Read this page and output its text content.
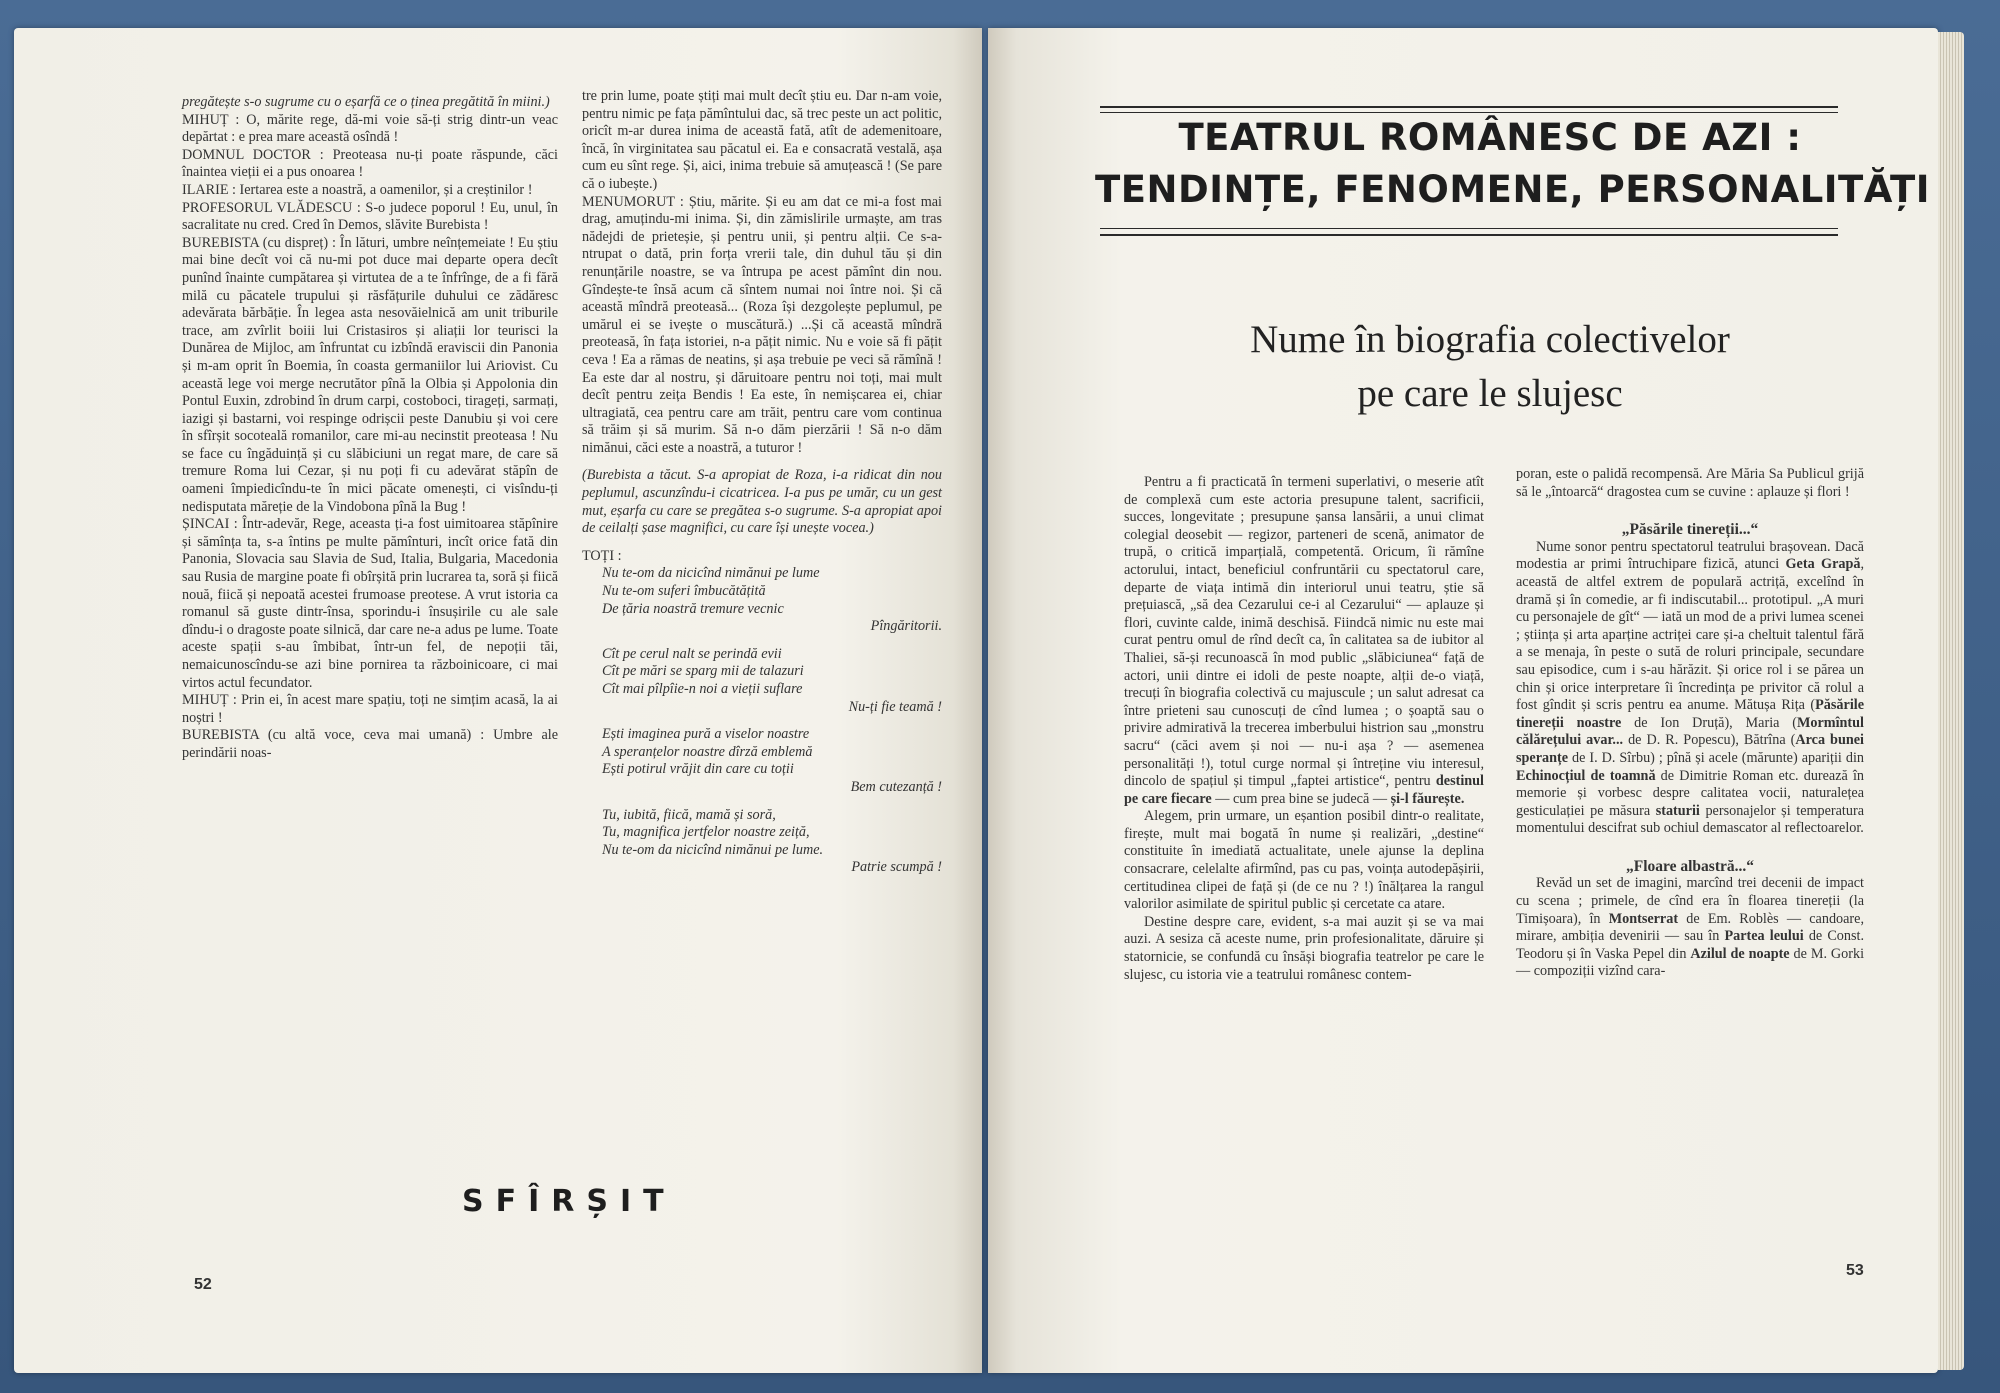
pregătește s-o sugrume cu o eșarfă ce o ținea pregătită în miini.)

MIHUȚ : O, mărite rege, dă-mi voie să-ți strig dintr-un veac depărtat : e prea mare această osîndă !

DOMNUL DOCTOR : Preoteasa nu-ți poate răspunde, căci înaintea vieții ei a pus onoarea !

ILARIE : Iertarea este a noastră, a oamenilor, și a creștinilor !

PROFESORUL VLĂDESCU : S-o judece poporul ! Eu, unul, în sacralitate nu cred. Cred în Demos, slăvite Burebista !

BUREBISTA (cu dispreț) : În lături, umbre neînțemeiate ! Eu știu mai bine decît voi că nu-mi pot duce mai departe opera decît punînd înainte cumpătarea și virtutea de a te înfrînge, de a fi fără milă cu păcatele trupului și răsfățurile duhului ce zădăresc adevărata bărbăție. În legea asta nesovăielnică am unit triburile trace, am zvîrlit boiii lui Cristasiros și aliații lor teurisci la Dunărea de Mijloc, am înfruntat cu izbîndă eraviscii din Panonia și m-am oprit în Boemia, în coasta germaniilor lui Ariovist. Cu această lege voi merge necrutător pînă la Olbia și Appolonia din Pontul Euxin, zdrobind în drum carpi, costoboci, tirageți, sarmați, iazigi și bastarni, voi respinge odrișcii peste Danubiu și voi cere în sfîrșit socoteală romanilor, care mi-au necinstit preoteasa ! Nu se face cu îngăduință și cu slăbiciuni un regat mare, de care să tremure Roma lui Cezar, și nu poți fi cu adevărat stăpîn de oameni împiedicîndu-te în mici păcate omenești, ci visîndu-ți nedisputata măreție de la Vindobona pînă la Bug !

ȘINCAI : Într-adevăr, Rege, aceasta ți-a fost uimitoarea stăpînire și sămînța ta, s-a întins pe multe pămînturi, incît orice fată din Panonia, Slovacia sau Slavia de Sud, Italia, Bulgaria, Macedonia sau Rusia de margine poate fi obîrșită prin lucrarea ta, soră și fiică nouă, fiică și nepoată acestei frumoase preotese. A vrut istoria ca romanul să guste dintr-însa, sporindu-i însușirile cu ale sale dîndu-i o dragoste poate silnică, dar care ne-a adus pe lume. Toate aceste spații s-au îmbibat, într-un fel, de nepoții tăi, nemaicunoscîndu-se azi bine pornirea ta războinicoare, ci mai virtos actul fecundator.

MIHUȚ : Prin ei, în acest mare spațiu, toți ne simțim acasă, la ai noștri !

BUREBISTA (cu altă voce, ceva mai umană) : Umbre ale perindării noas-

tre prin lume, poate știți mai mult decît știu eu. Dar n-am voie, pentru nimic pe fața pămîntului dac, să trec peste un act politic, oricît m-ar durea inima de această fată, atît de ademenitoare, încă, în virginitatea sau păcatul ei. Ea e consacrată vestală, așa cum eu sînt rege. Și, aici, inima trebuie să amuțească ! (Se pare că o iubește.)

MENUMORUT : Știu, mărite. Și eu am dat ce mi-a fost mai drag, amuțindu-mi inima. Și, din zămislirile urmaște, am tras nădejdi de prieteșie, și pentru unii, și pentru alții. Ce s-a-ntrupat o dată, prin forța vrerii tale, din duhul tău și din renunțările noastre, se va întrupa pe acest pămînt din nou. Gîndește-te însă acum că sîntem numai noi între noi. Și că această mîndră preoteasă... (Roza își dezgolește peplumul, pe umărul ei se ivește o muscătură.) ...Și că această mîndră preoteasă, în fața istoriei, n-a pățit nimic. Nu e voie să fi pățit ceva ! Ea a rămas de neatins, și așa trebuie pe veci să rămînă ! Ea este dar al nostru, și dăruitoare pentru noi toți, mai mult decît pentru zeița Bendis ! Ea este, în nemișcarea ei, chiar ultragiată, cea pentru care am trăit, pentru care vom continua să trăim și să murim. Să n-o dăm pierzării ! Să n-o dăm nimănui, căci este a noastră, a tuturor !

(Burebista a tăcut. S-a apropiat de Roza, i-a ridicat din nou peplumul, ascunzîndu-i cicatricea. I-a pus pe umăr, cu un gest mut, eșarfa cu care se pregătea s-o sugrume. S-a apropiat apoi de ceilalți șase magnifici, cu care își unește vocea.)

TOȚI :

Nu te-om da nicicînd nimănui pe lume

Nu te-om suferi îmbucătățită

De țăria noastră tremure vecnic

Pîngăritorii.

Cît pe cerul nalt se perindă evii

Cît pe mări se sparg mii de talazuri

Cît mai pîlpîie-n noi a vieții suflare

Nu-ți fie teamă !

Ești imaginea pură a viselor noastre

A speranțelor noastre dîrză emblemă

Ești potirul vrăjit din care cu toții

Bem cutezanță !

Tu, iubită, fiică, mamă și soră,

Tu, magnifica jertfelor noastre zeiță,

Nu te-om da nicicînd nimănui pe lume.

Patrie scumpă !

SFÎRȘIT
52
TEATRUL ROMÂNESC DE AZI :
TENDINȚE, FENOMENE, PERSONALITĂȚI
Nume în biografia colectivelor
pe care le slujesc

Pentru a fi practicată în termeni superlativi, o meserie atît de complexă cum este actoria presupune talent, sacrificii, succes, longevitate ; presupune șansa lansării, a unui climat colegial deosebit — regizor, parteneri de scenă, animator de trupă, o critică imparțială, competentă. Oricum, îi rămîne actorului, intact, beneficiul confruntării cu spectatorul care, departe de viața intimă din interiorul unui teatru, știe să prețuiască, „să dea Cezarului ce-i al Cezarului“ — aplauze și flori, cuvinte calde, inimă deschisă. Fiindcă nimic nu este mai curat pentru omul de rînd decît ca, în calitatea sa de iubitor al Thaliei, să-și recunoască în mod public „slăbiciunea“ față de actori, unii dintre ei idoli de peste noapte, alții de-o viață, trecuți în biografia colectivă cu majuscule ; un salut adresat ca între prieteni sau cunoscuți de cînd lumea ; o șoaptă sau o privire admirativă la trecerea imberbului histrion sau „monstru sacru“ (căci avem și noi — nu-i așa ? — asemenea personalități !), totul curge normal și întreține viu interesul, dincolo de spațiul și timpul „faptei artistice“, pentru destinul pe care fiecare — cum prea bine se judecă — și-l făurește.

Alegem, prin urmare, un eșantion posibil dintr-o realitate, firește, mult mai bogată în nume și realizări, „destine“ constituite în imediată actualitate, unele ajunse la deplina consacrare, celelalte afirmînd, pas cu pas, voința autodepășirii, certitudinea clipei de față și (de ce nu ? !) înălțarea la rangul valorilor asimilate de spiritul public și cercetate ca atare.

Destine despre care, evident, s-a mai auzit și se va mai auzi. A sesiza că aceste nume, prin profesionalitate, dăruire și statornicie, se confundă cu însăși biografia teatrelor pe care le slujesc, cu istoria vie a teatrului românesc contem-

poran, este o palidă recompensă. Are Măria Sa Publicul grijă să le „întoarcă“ dragostea cum se cuvine : aplauze și flori !

„Păsările tinereții...“

Nume sonor pentru spectatorul teatrului brașovean. Dacă modestia ar primi întruchipare fizică, atunci Geta Grapă, această de altfel extrem de populară actriță, excelînd în dramă și în comedie, ar fi indiscutabil... prototipul. „A muri cu personajele de gît“ — iată un mod de a privi lumea scenei ; știința și arta aparține actriței care și-a cheltuit talentul fără a se menaja, în peste o sută de roluri principale, secundare sau episodice, cum i s-au hărăzit. Și orice rol i se părea un chin și orice interpretare îi încredința pe privitor că rolul a fost gîndit și scris pentru ea anume. Mătușa Rița (Păsările tinereții noastre de Ion Druță), Maria (Mormîntul călărețului avar... de D. R. Popescu), Bătrîna (Arca bunei speranțe de I. D. Sîrbu) ; pînă și acele (mărunte) apariții din Echinocțiul de toamnă de Dimitrie Roman etc. durează în memorie și vorbesc despre calitatea vocii, naturalețea gesticulației pe măsura staturii personajelor și temperatura momentului descifrat sub ochiul demascator al reflectoarelor.

„Floare albastră...“

Revăd un set de imagini, marcînd trei decenii de impact cu scena ; primele, de cînd era în floarea tinereții (la Timișoara), în Montserrat de Em. Roblès — candoare, mirare, ambiția devenirii — sau în Partea leului de Const. Teodoru și în Vaska Pepel din Azilul de noapte de M. Gorki — compoziții vizînd cara-

53
